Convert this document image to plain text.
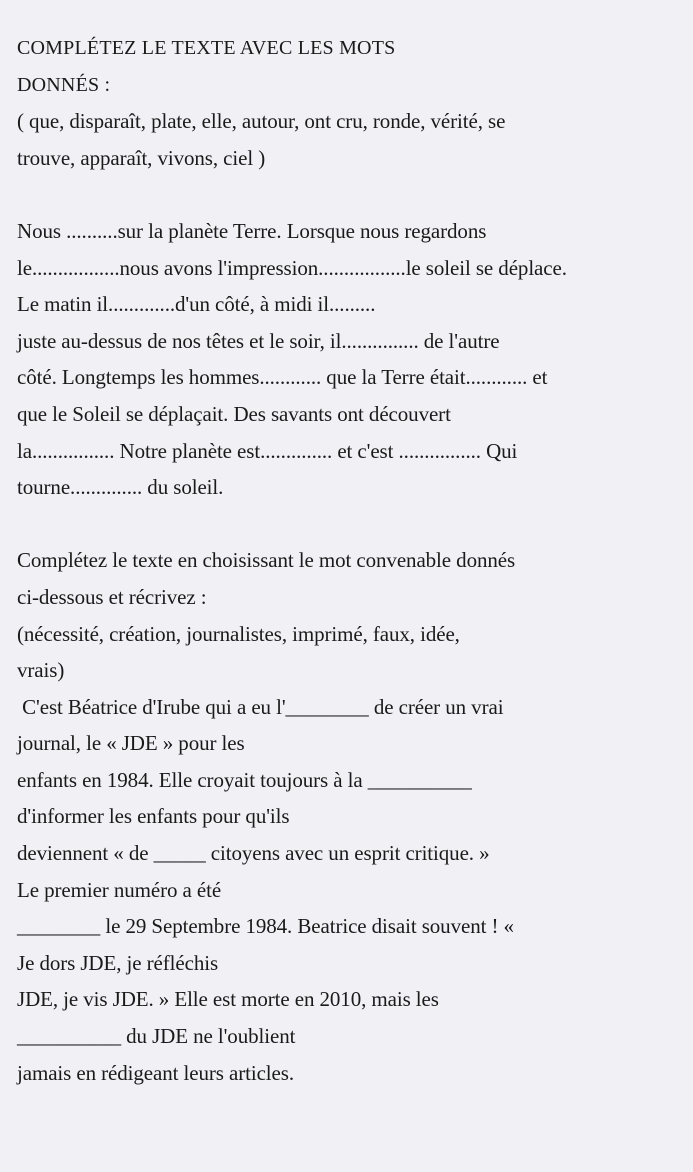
COMPLÉTEZ LE TEXTE AVEC LES MOTS
DONNÉS :
( que, disparaît, plate, elle, autour, ont cru, ronde, vérité, se
trouve, apparaît, vivons, ciel )
Nous ..........sur la planète Terre. Lorsque nous regardons
le.................nous avons l'impression.................le soleil se déplace.
Le matin il.............d'un côté, à midi il.........
juste au-dessus de nos têtes et le soir, il............... de l'autre
côté. Longtemps les hommes............ que la Terre était............ et
que le Soleil se déplaçait. Des savants ont découvert
la................ Notre planète est.............. et c'est ................ Qui
tourne.............. du soleil.
Complétez le texte en choisissant le mot convenable donnés
ci-dessous et récrivez :
(nécessité, création, journalistes, imprimé, faux, idée,
vrais)
C'est Béatrice d'Irube qui a eu l'________ de créer un vrai
journal, le « JDE » pour les
enfants en 1984. Elle croyait toujours à la __________
d'informer les enfants pour qu'ils
deviennent « de _____ citoyens avec un esprit critique. »
Le premier numéro a été
________ le 29 Septembre 1984. Beatrice disait souvent ! «
Je dors JDE, je réfléchis
JDE, je vis JDE. » Elle est morte en 2010, mais les
__________ du JDE ne l'oublient
jamais en rédigeant leurs articles.
